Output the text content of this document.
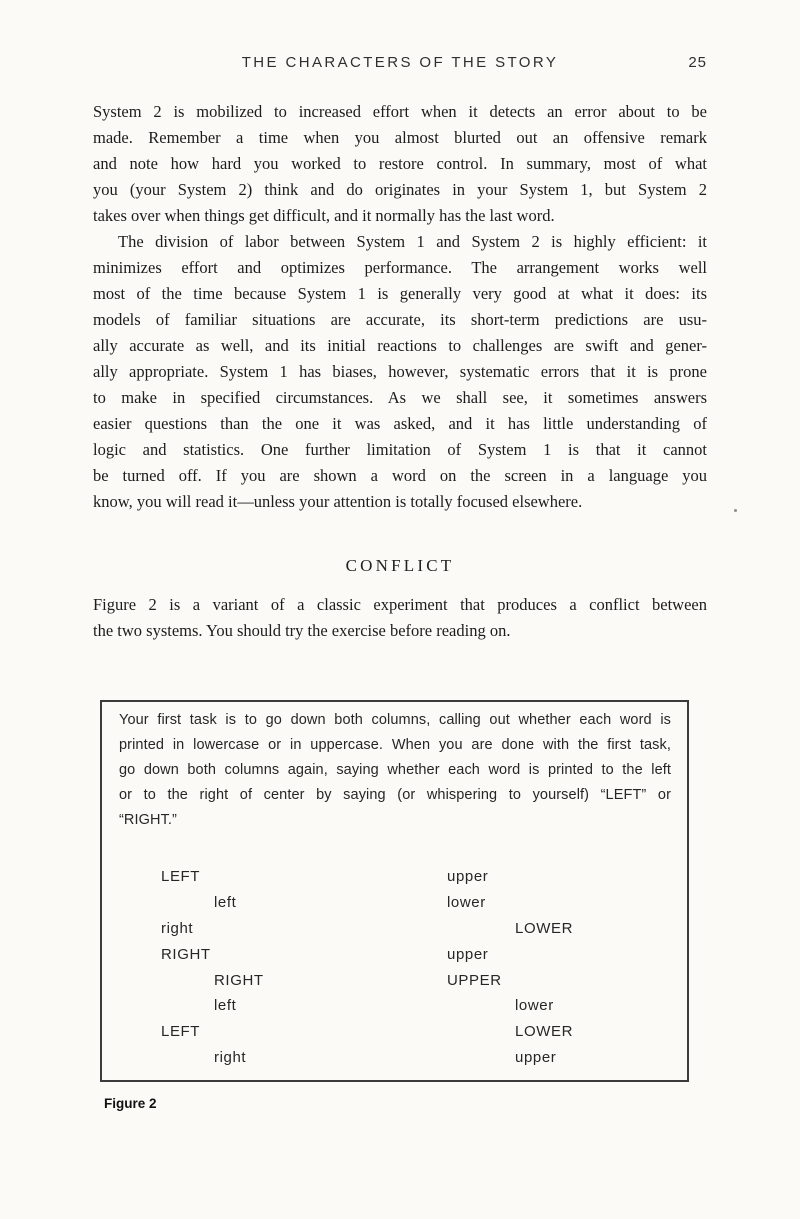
THE CHARACTERS OF THE STORY	25
System 2 is mobilized to increased effort when it detects an error about to be
made. Remember a time when you almost blurted out an offensive remark
and note how hard you worked to restore control. In summary, most of what
you (your System 2) think and do originates in your System 1, but System 2
takes over when things get difficult, and it normally has the last word.
The division of labor between System 1 and System 2 is highly efficient: it
minimizes effort and optimizes performance. The arrangement works well
most of the time because System 1 is generally very good at what it does: its
models of familiar situations are accurate, its short-term predictions are usu-
ally accurate as well, and its initial reactions to challenges are swift and gener-
ally appropriate. System 1 has biases, however, systematic errors that it is prone
to make in specified circumstances. As we shall see, it sometimes answers
easier questions than the one it was asked, and it has little understanding of
logic and statistics. One further limitation of System 1 is that it cannot
be turned off. If you are shown a word on the screen in a language you
know, you will read it—unless your attention is totally focused elsewhere.
CONFLICT
Figure 2 is a variant of a classic experiment that produces a conflict between
the two systems. You should try the exercise before reading on.
Your first task is to go down both columns, calling out whether each word is
printed in lowercase or in uppercase. When you are done with the first task,
go down both columns again, saying whether each word is printed to the left
or to the right of center by saying (or whispering to yourself) “LEFT” or
“RIGHT.”
LEFT	upper
left	lower
right	LOWER
RIGHT	upper
RIGHT	UPPER
left	lower
LEFT	LOWER
right	upper
Figure 2
